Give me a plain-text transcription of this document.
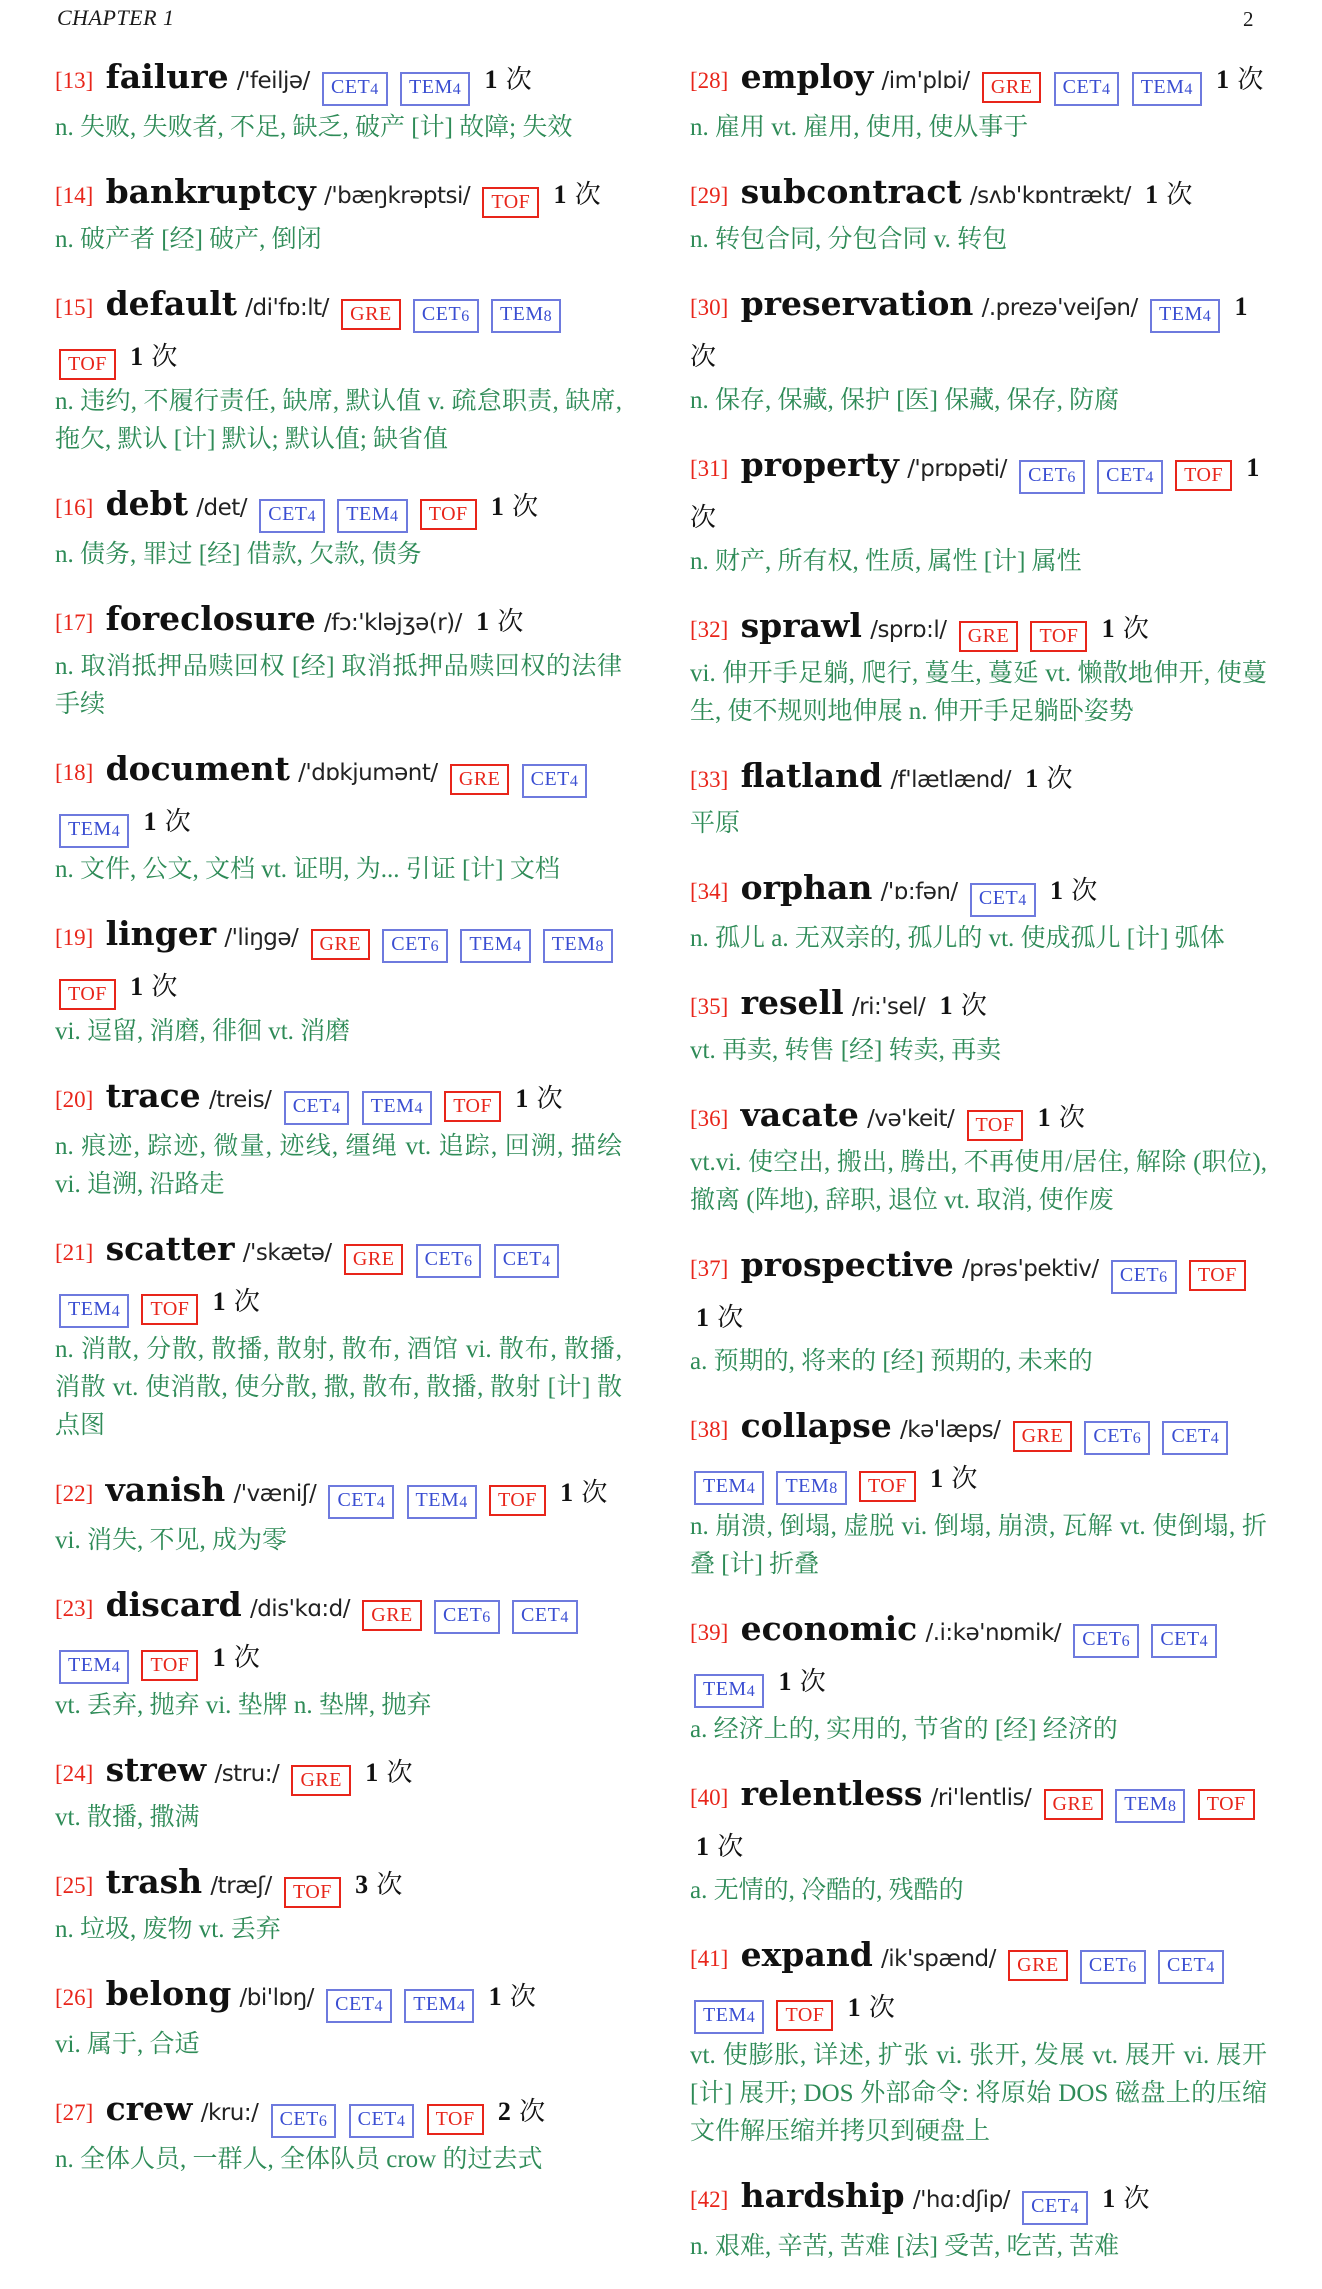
CHAPTER 1	2
[13] failure /'feiljə/ CET4 TEM4 1 次
n. 失败, 失败者, 不足, 缺乏, 破产 [计] 故障; 失效
[14] bankruptcy /'bæŋkrəptsi/ TOF 1 次
n. 破产者 [经] 破产, 倒闭
[15] default /di'fɒ:lt/ GRE CET6 TEM8 TOF 1 次
n. 违约, 不履行责任, 缺席, 默认值 v. 疏怠职责, 缺席, 拖欠, 默认 [计] 默认; 默认值; 缺省值
[16] debt /det/ CET4 TEM4 TOF 1 次
n. 债务, 罪过 [经] 借款, 欠款, 债务
[17] foreclosure /fɔ:'kləjʒə(r)/ 1 次
n. 取消抵押品赎回权 [经] 取消抵押品赎回权的法律手续
[18] document /'dɒkjumənt/ GRE CET4 TEM4 1 次
n. 文件, 公文, 文档 vt. 证明, 为... 引证 [计] 文档
[19] linger /'liŋgə/ GRE CET6 TEM4 TEM8 TOF 1 次
vi. 逗留, 消磨, 徘徊 vt. 消磨
[20] trace /treis/ CET4 TEM4 TOF 1 次
n. 痕迹, 踪迹, 微量, 迹线, 缰绳 vt. 追踪, 回溯, 描绘 vi. 追溯, 沿路走
[21] scatter /'skætə/ GRE CET6 CET4 TEM4 TOF 1 次
n. 消散, 分散, 散播, 散射, 散布, 酒馆 vi. 散布, 散播, 消散 vt. 使消散, 使分散, 撒, 散布, 散播, 散射 [计] 散点图
[22] vanish /'væniʃ/ CET4 TEM4 TOF 1 次
vi. 消失, 不见, 成为零
[23] discard /dis'kɑ:d/ GRE CET6 CET4 TEM4 TOF 1 次
vt. 丢弃, 抛弃 vi. 垫牌 n. 垫牌, 抛弃
[24] strew /stru:/ GRE 1 次
vt. 散播, 撒满
[25] trash /træʃ/ TOF 3 次
n. 垃圾, 废物 vt. 丢弃
[26] belong /bi'lɒŋ/ CET4 TEM4 1 次
vi. 属于, 合适
[27] crew /kru:/ CET6 CET4 TOF 2 次
n. 全体人员, 一群人, 全体队员 crow 的过去式
[28] employ /im'plɒi/ GRE CET4 TEM4 1 次
n. 雇用 vt. 雇用, 使用, 使从事于
[29] subcontract /sʌb'kɒntrækt/ 1 次
n. 转包合同, 分包合同 v. 转包
[30] preservation /.prezə'veiʃən/ TEM4 1 次
n. 保存, 保藏, 保护 [医] 保藏, 保存, 防腐
[31] property /'prɒpəti/ CET6 CET4 TOF 1 次
n. 财产, 所有权, 性质, 属性 [计] 属性
[32] sprawl /sprɒ:l/ GRE TOF 1 次
vi. 伸开手足躺, 爬行, 蔓生, 蔓延 vt. 懒散地伸开, 使蔓生, 使不规则地伸展 n. 伸开手足躺卧姿势
[33] flatland /f'lætlænd/ 1 次
平原
[34] orphan /'ɒ:fən/ CET4 1 次
n. 孤儿 a. 无双亲的, 孤儿的 vt. 使成孤儿 [计] 弧体
[35] resell /ri:'sel/ 1 次
vt. 再卖, 转售 [经] 转卖, 再卖
[36] vacate /və'keit/ TOF 1 次
vt.vi. 使空出, 搬出, 腾出, 不再使用/居住, 解除 (职位), 撤离 (阵地), 辞职, 退位 vt. 取消, 使作废
[37] prospective /prəs'pektiv/ CET6 TOF 1 次
a. 预期的, 将来的 [经] 预期的, 未来的
[38] collapse /kə'læps/ GRE CET6 CET4 TEM4 TEM8 TOF 1 次
n. 崩溃, 倒塌, 虚脱 vi. 倒塌, 崩溃, 瓦解 vt. 使倒塌, 折叠 [计] 折叠
[39] economic /.i:kə'nɒmik/ CET6 CET4 TEM4 1 次
a. 经济上的, 实用的, 节省的 [经] 经济的
[40] relentless /ri'lentlis/ GRE TEM8 TOF 1 次
a. 无情的, 冷酷的, 残酷的
[41] expand /ik'spænd/ GRE CET6 CET4 TEM4 TOF 1 次
vt. 使膨胀, 详述, 扩张 vi. 张开, 发展 vt. 展开 vi. 展开 [计] 展开; DOS 外部命令: 将原始 DOS 磁盘上的压缩文件解压缩并拷贝到硬盘上
[42] hardship /'hɑ:dʃip/ CET4 1 次
n. 艰难, 辛苦, 苦难 [法] 受苦, 吃苦, 苦难
